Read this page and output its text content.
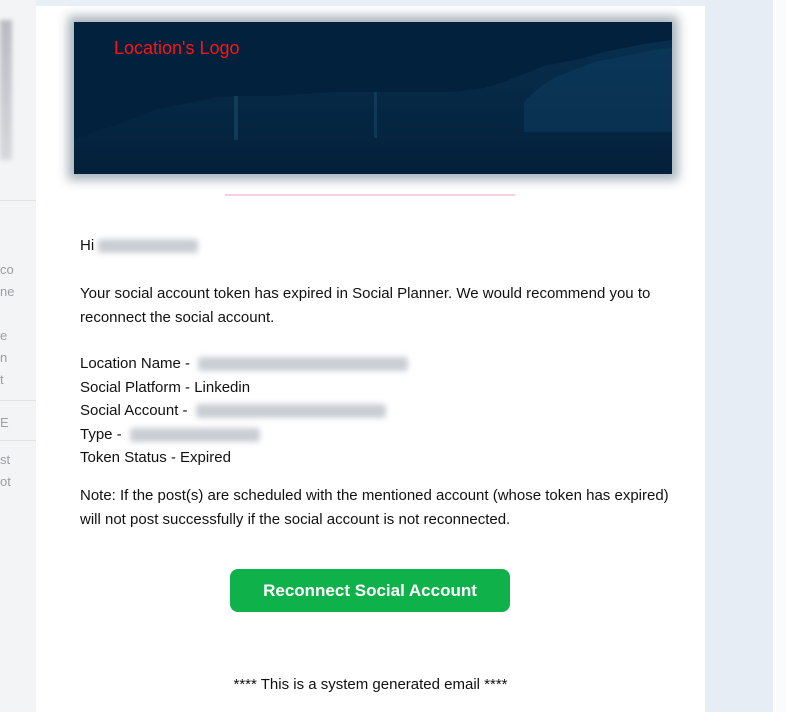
co
ne
e
n
t
E
st
ot
Location's Logo
Hi
Your social account token has expired in Social Planner. We would recommend you to reconnect the social account.
Location Name -
Social Platform - Linkedin
Social Account -
Type -
Token Status - Expired
Note: If the post(s) are scheduled with the mentioned account (whose token has expired) will not post successfully if the social account is not reconnected.
Reconnect Social Account
**** This is a system generated email ****
